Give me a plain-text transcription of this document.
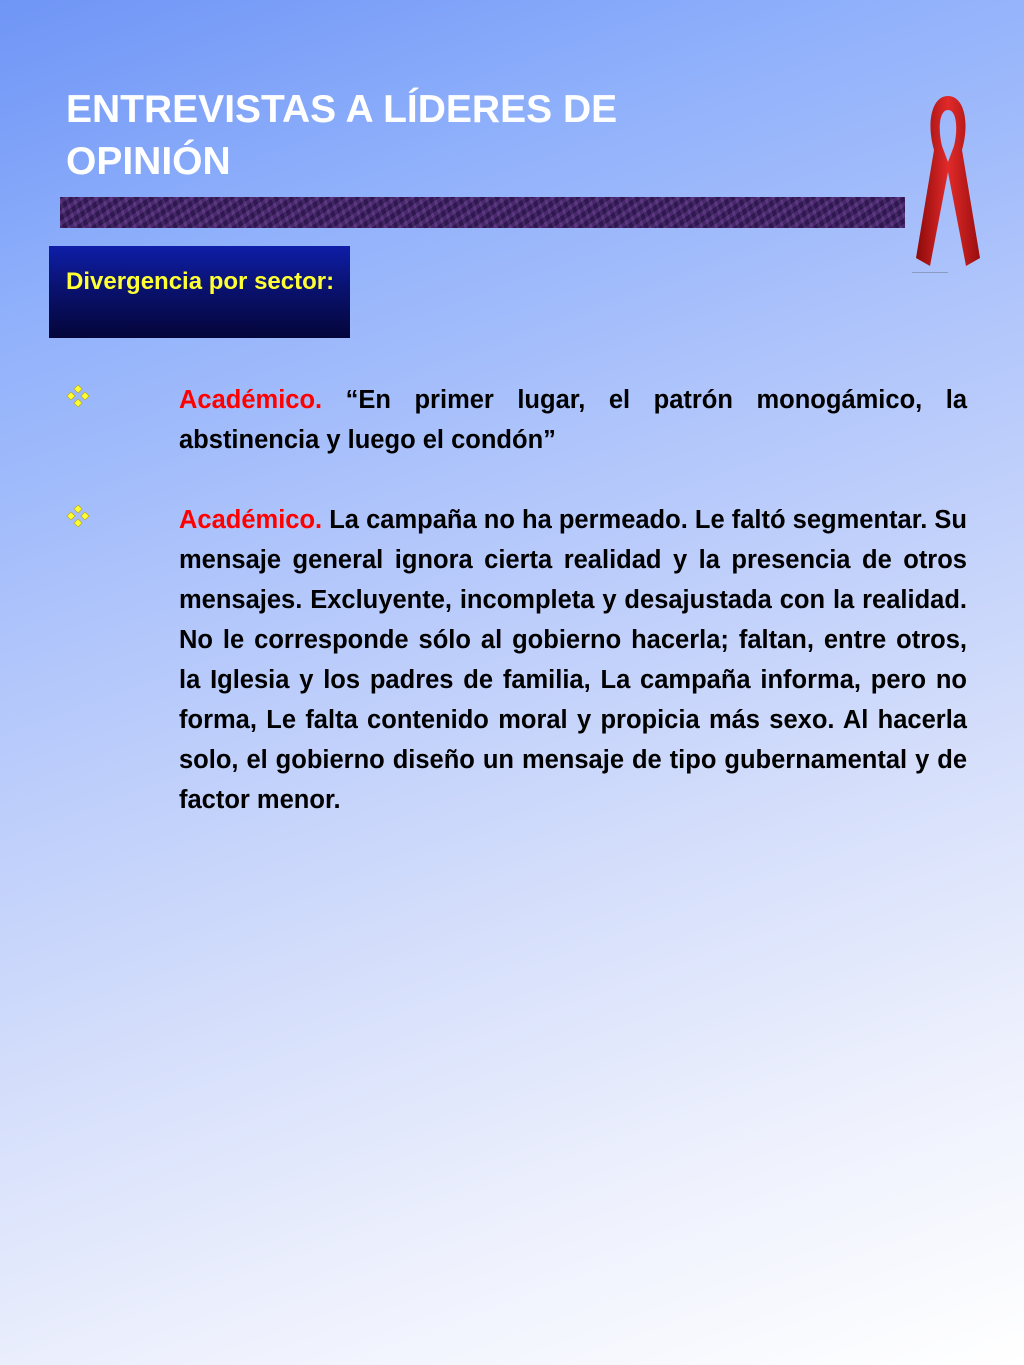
ENTREVISTAS A LÍDERES DE
OPINIÓN
Divergencia por sector:

Académico. “En primer lugar, el patrón monogámico, la abstinencia y luego el condón”

Académico. La campaña no ha permeado. Le faltó segmentar. Su mensaje general ignora cierta realidad y la presencia de otros mensajes. Excluyente, incompleta y desajustada con la realidad. No le corresponde sólo al gobierno hacerla; faltan, entre otros, la Iglesia y los padres de familia, La campaña informa, pero no forma, Le falta contenido moral y propicia más sexo. Al hacerla solo, el gobierno diseño un mensaje de tipo gubernamental y de factor menor.
